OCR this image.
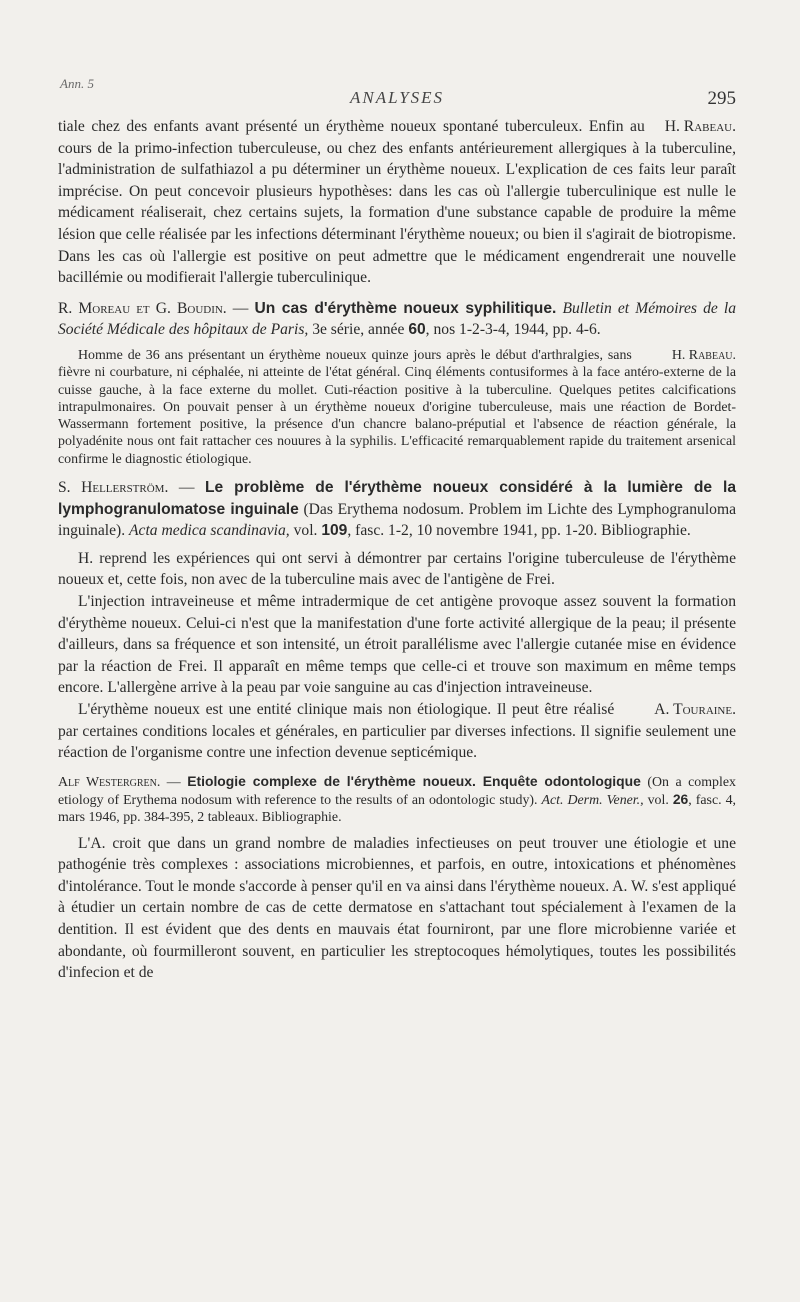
Ann. 5
ANALYSES	295

H. Rabeau.
tiale chez des enfants avant présenté un érythème noueux spontané tuberculeux. Enfin au cours de la primo-infection tuberculeuse, ou chez des enfants antérieurement allergiques à la tuberculine, l'administration de sulfathiazol a pu déterminer un érythème noueux. L'explication de ces faits leur paraît imprécise. On peut concevoir plusieurs hypothèses: dans les cas où l'allergie tuberculinique est nulle le médicament réaliserait, chez certains sujets, la formation d'une substance capable de produire la même lésion que celle réalisée par les infections déterminant l'érythème noueux; ou bien il s'agirait de biotropisme. Dans les cas où l'allergie est positive on peut admettre que le médicament engendrerait une nouvelle bacillémie ou modifierait l'allergie tuberculinique.

R. Moreau et G. Boudin. — Un cas d'érythème noueux syphilitique. Bulletin et Mémoires de la Société Médicale des hôpitaux de Paris, 3e série, année 60, nos 1-2-3-4, 1944, pp. 4-6.

H. Rabeau.
Homme de 36 ans présentant un érythème noueux quinze jours après le début d'arthralgies, sans fièvre ni courbature, ni céphalée, ni atteinte de l'état général. Cinq éléments contusiformes à la face antéro-externe de la cuisse gauche, à la face externe du mollet. Cuti-réaction positive à la tuberculine. Quelques petites calcifications intrapulmonaires. On pouvait penser à un érythème noueux d'origine tuberculeuse, mais une réaction de Bordet-Wassermann fortement positive, la présence d'un chancre balano-préputial et l'absence de réaction générale, la polyadénite nous ont fait rattacher ces nouures à la syphilis. L'efficacité remarquablement rapide du traitement arsenical confirme le diagnostic étiologique.

S. Hellerström. — Le problème de l'érythème noueux considéré à la lumière de la lymphogranulomatose inguinale (Das Erythema nodosum. Problem im Lichte des Lymphogranuloma inguinale). Acta medica scandinavia, vol. 109, fasc. 1-2, 10 novembre 1941, pp. 1-20. Bibliographie.

H. reprend les expériences qui ont servi à démontrer par certains l'origine tuberculeuse de l'érythème noueux et, cette fois, non avec de la tuberculine mais avec de l'antigène de Frei.

L'injection intraveineuse et même intradermique de cet antigène provoque assez souvent la formation d'érythème noueux. Celui-ci n'est que la manifestation d'une forte activité allergique de la peau; il présente d'ailleurs, dans sa fréquence et son intensité, un étroit parallélisme avec l'allergie cutanée mise en évidence par la réaction de Frei. Il apparaît en même temps que celle-ci et trouve son maximum en même temps encore. L'allergène arrive à la peau par voie sanguine au cas d'injection intraveineuse.

A. Touraine.
L'érythème noueux est une entité clinique mais non étiologique. Il peut être réalisé par certaines conditions locales et générales, en particulier par diverses infections. Il signifie seulement une réaction de l'organisme contre une infection devenue septicémique.

Alf Westergren. — Etiologie complexe de l'érythème noueux. Enquête odontologique (On a complex etiology of Erythema nodosum with reference to the results of an odontologic study). Act. Derm. Vener., vol. 26, fasc. 4, mars 1946, pp. 384-395, 2 tableaux. Bibliographie.

L'A. croit que dans un grand nombre de maladies infectieuses on peut trouver une étiologie et une pathogénie très complexes : associations microbiennes, et parfois, en outre, intoxications et phénomènes d'intolérance. Tout le monde s'accorde à penser qu'il en va ainsi dans l'érythème noueux. A. W. s'est appliqué à étudier un certain nombre de cas de cette dermatose en s'attachant tout spécialement à l'examen de la dentition. Il est évident que des dents en mauvais état fourniront, par une flore microbienne variée et abondante, où fourmilleront souvent, en particulier les streptocoques hémolytiques, toutes les possibilités d'infecion et de
